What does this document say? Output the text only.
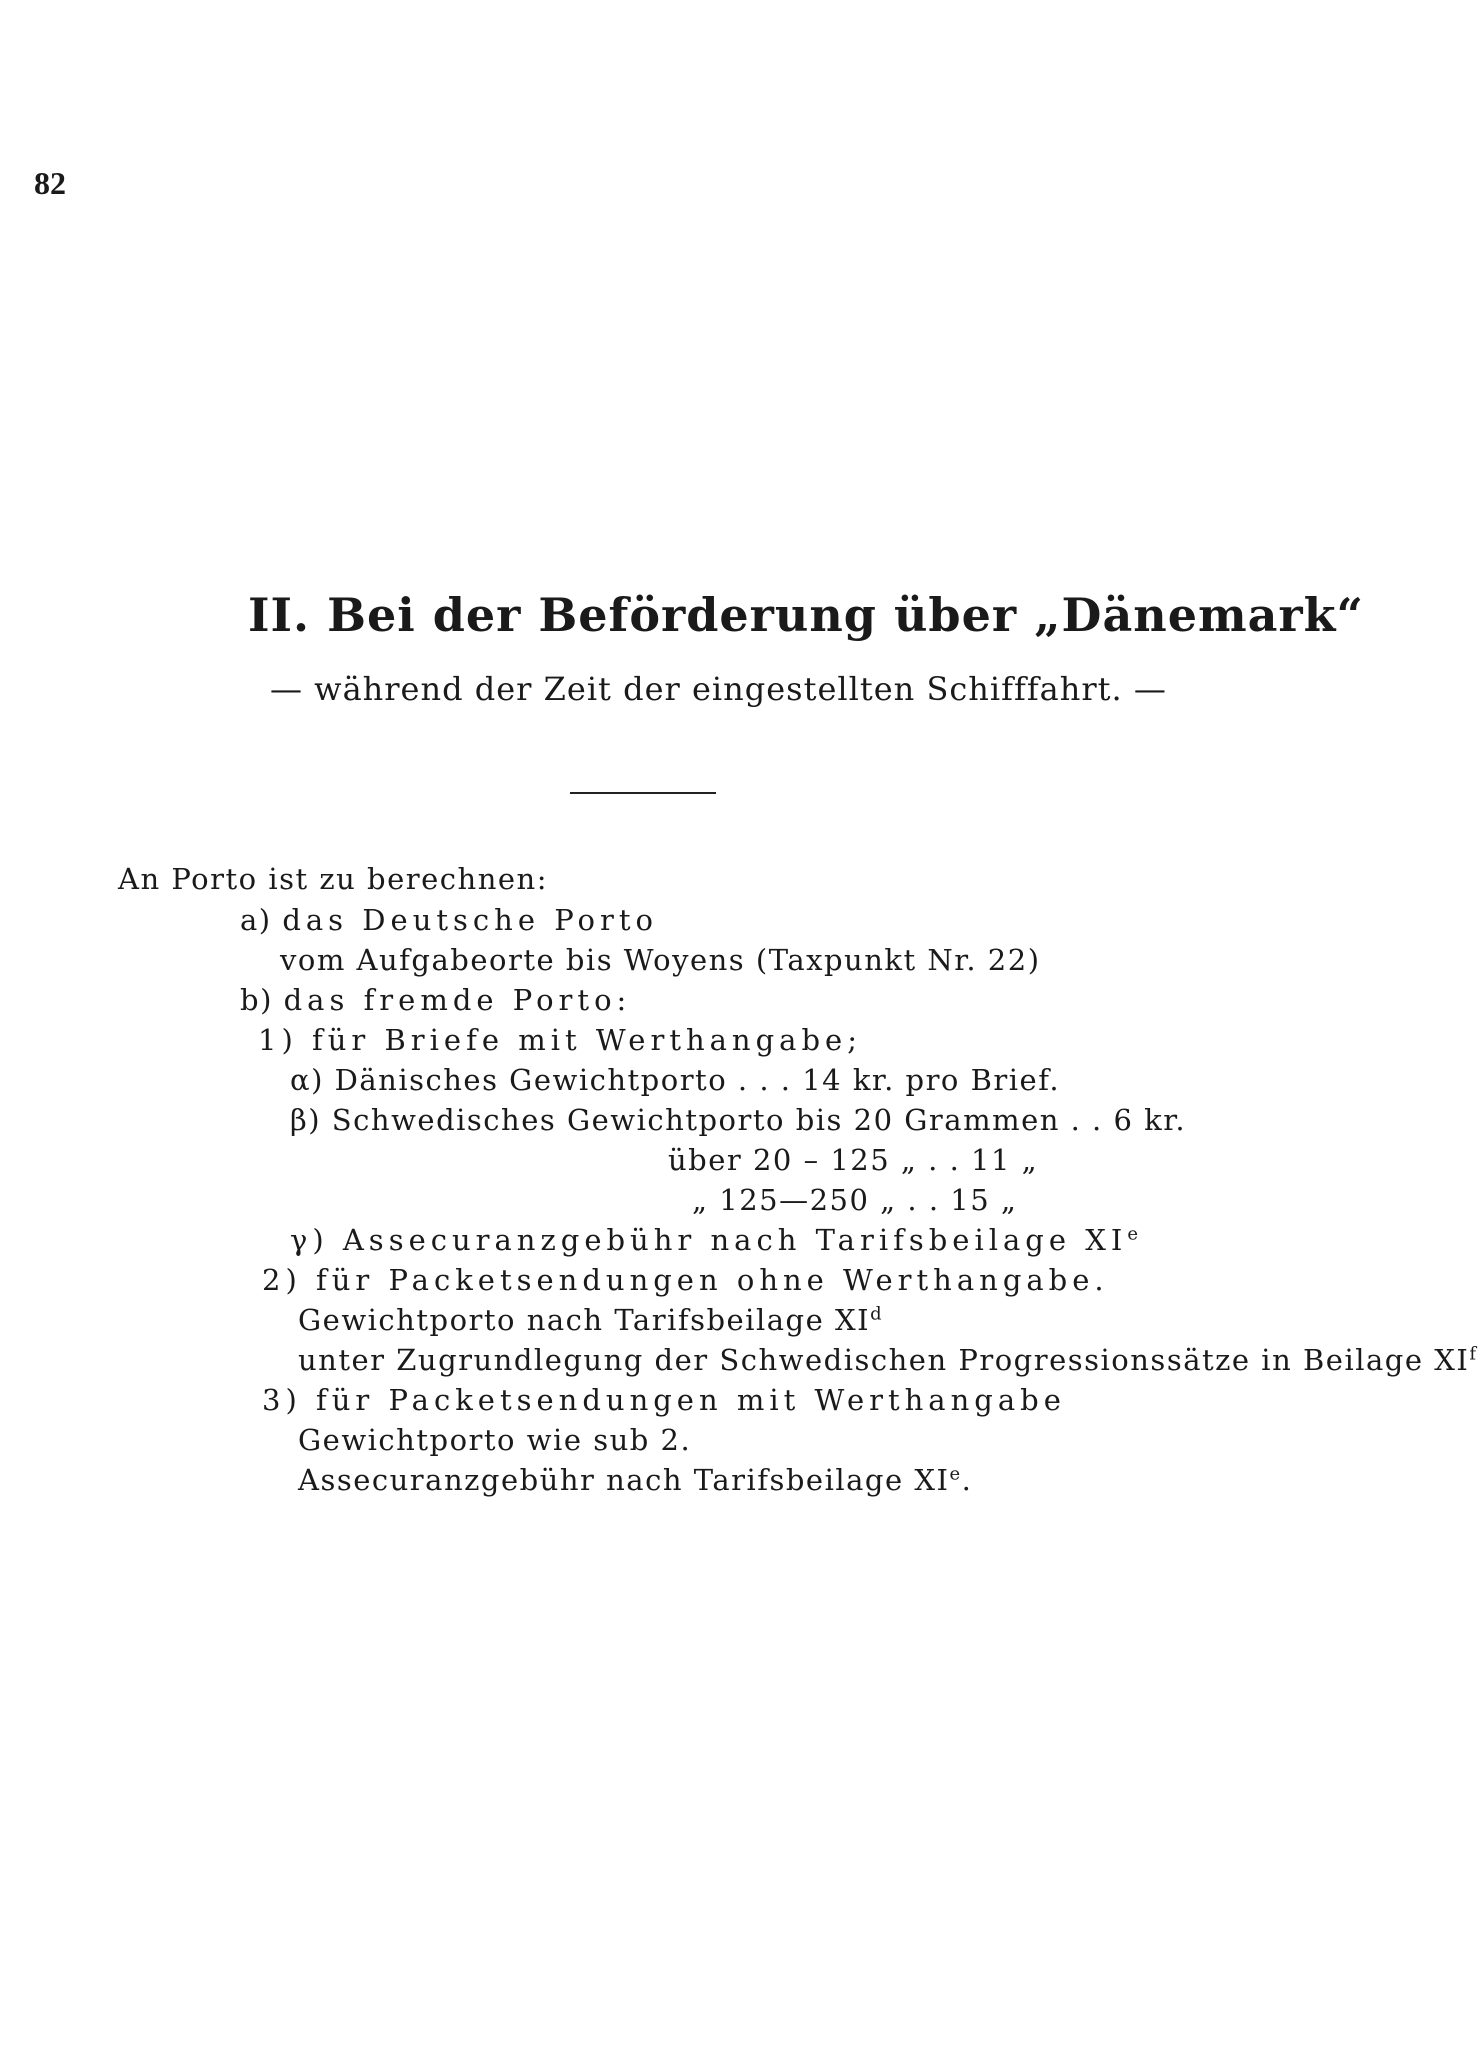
82
II. Bei der Beförderung über „Dänemark“
— während der Zeit der eingestellten Schifffahrt. —
An Porto ist zu berechnen:
a) das Deutsche Porto
vom Aufgabeorte bis Woyens (Taxpunkt Nr. 22)
b) das fremde Porto:
1) für Briefe mit Werthangabe;
α) Dänisches Gewichtporto . . . 14 kr. pro Brief.
β) Schwedisches Gewichtporto bis 20 Grammen . . 6 kr.
über 20 – 125 „ . . 11 „
„ 125—250 „ . . 15 „
γ) Assecuranzgebühr nach Tarifsbeilage XIe
2) für Packetsendungen ohne Werthangabe.
Gewichtporto nach Tarifsbeilage $XI^d$
unter Zugrundlegung der Schwedischen Progressionssätze in Beilage $XI^f$
3) für Packetsendungen mit Werthangabe
Gewichtporto wie sub 2.
Assecuranzgebühr nach Tarifsbeilage XIe.
